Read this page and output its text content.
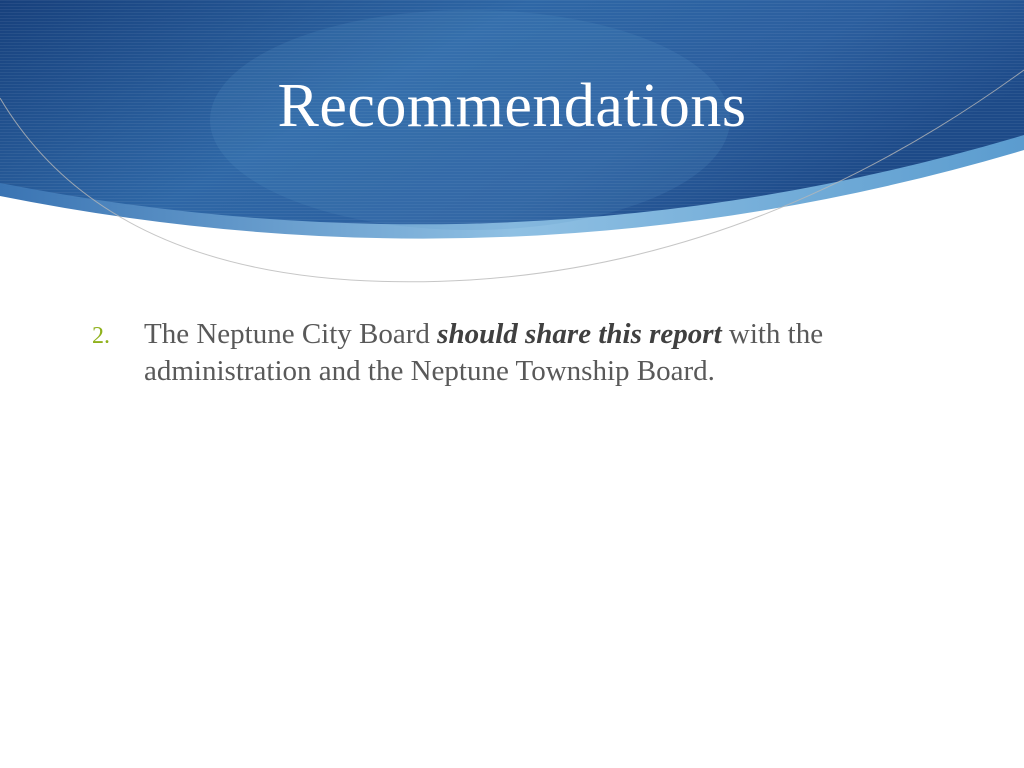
Recommendations
2.	The Neptune City Board should share this report with the administration and the Neptune Township Board.
